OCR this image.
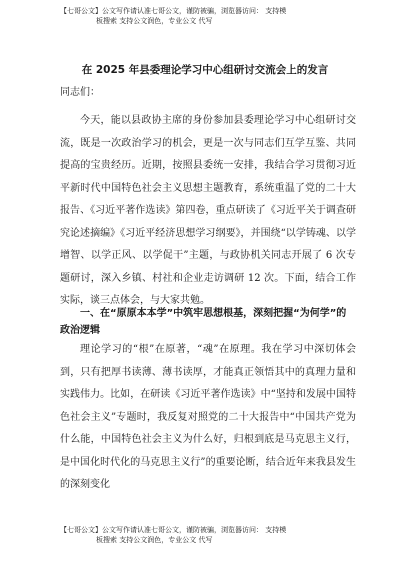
【七哥公文】公文写作请认准七哥公文，谨防被骗，浏览器访问： 支持模
板搜索 支持公文润色，专业公文 代写
在 2025 年县委理论学习中心组研讨交流会上的发言
同志们：

今天，能以县政协主席的身份参加县委理论学习中心组研讨交流，既是一次政治学习的机会，更是一次与同志们互学互鉴、共同提高的宝贵经历。近期，按照县委统一安排，我结合学习贯彻习近平新时代中国特色社会主义思想主题教育，系统重温了党的二十大报告、《习近平著作选读》第四卷，重点研读了《习近平关于调查研究论述摘编》《习近平经济思想学习纲要》，并围绕“以学铸魂、以学增智、以学正风、以学促干”主题，与政协机关同志开展了 6 次专题研讨，深入乡镇、村社和企业走访调研 12 次。下面，结合工作实际，谈三点体会，与大家共勉。

一、在“原原本本学”中筑牢思想根基，深刻把握“为何学”的政治逻辑

理论学习的“根”在原著，“魂”在原理。我在学习中深切体会到，只有把厚书读薄、薄书读厚，才能真正领悟其中的真理力量和实践伟力。比如，在研读《习近平著作选读》中“坚持和发展中国特色社会主义”专题时，我反复对照党的二十大报告中“中国共产党为什么能，中国特色社会主义为什么好，归根到底是马克思主义行，是中国化时代化的马克思主义行”的重要论断，结合近年来我县发生的深刻变化

【七哥公文】公文写作请认准七哥公文，谨防被骗，浏览器访问： 支持模
板搜索 支持公文润色，专业公文 代写
